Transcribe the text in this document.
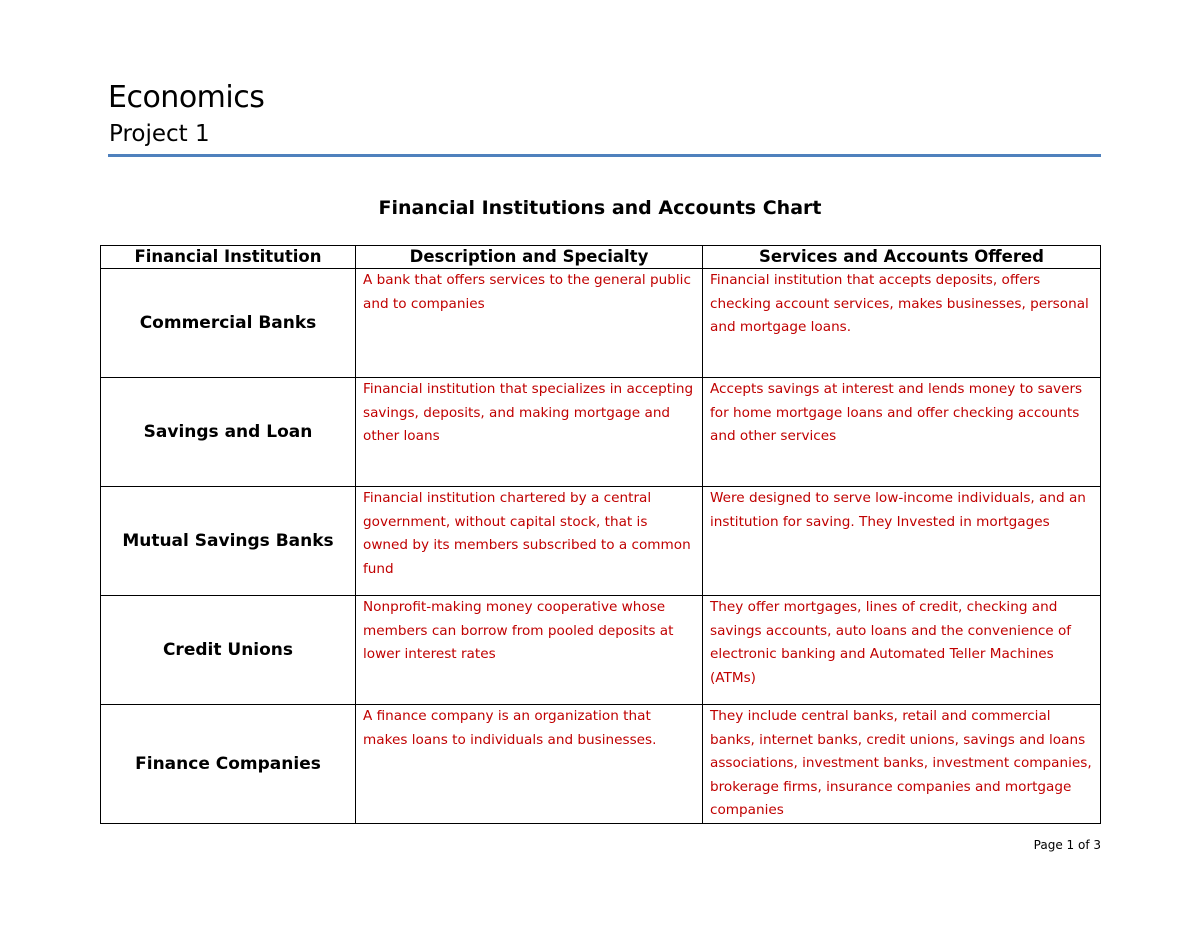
Economics
Project 1
Financial Institutions and Accounts Chart
Financial Institution	Description and Specialty	Services and Accounts Offered
Commercial Banks	A bank that offers services to the general public and to companies	Financial institution that accepts deposits, offers checking account services, makes businesses, personal and mortgage loans.
Savings and Loan	Financial institution that specializes in accepting savings, deposits, and making mortgage and other loans	Accepts savings at interest and lends money to savers for home mortgage loans and offer checking accounts and other services
Mutual Savings Banks	Financial institution chartered by a central government, without capital stock, that is owned by its members subscribed to a common fund	Were designed to serve low-income individuals, and an institution for saving. They Invested in mortgages
Credit Unions	Nonprofit-making money cooperative whose members can borrow from pooled deposits at lower interest rates	They offer mortgages, lines of credit, checking and savings accounts, auto loans and the convenience of electronic banking and Automated Teller Machines (ATMs)
Finance Companies	A finance company is an organization that makes loans to individuals and businesses.	They include central banks, retail and commercial banks, internet banks, credit unions, savings and loans associations, investment banks, investment companies, brokerage firms, insurance companies and mortgage companies
Page 1 of 3
